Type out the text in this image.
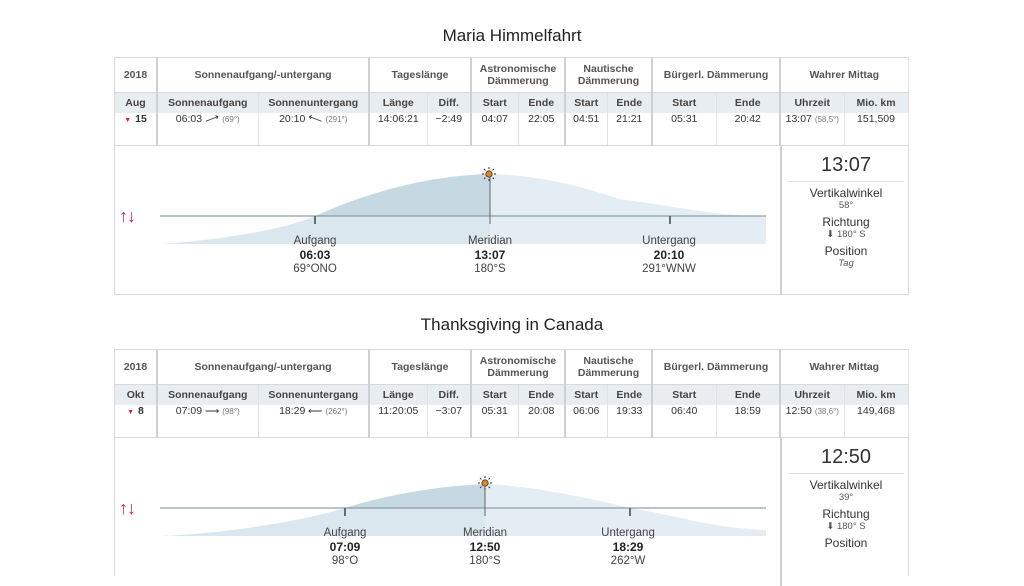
Maria Himmelfahrt
2018	Sonnenaufgang/-untergang		Tageslänge		Astronomische Dämmerung		Nautische Dämmerung		Bürgerl. Dämmerung		Wahrer Mittag	
Aug	Sonnenaufgang	Sonnenuntergang	Länge	Diff.	Start	Ende	Start	Ende	Start	Ende	Uhrzeit	Mio. km
▼ 15	06:03 ⟶ (69°)	20:10 ⟶ (291°)	14:06:21	−2:49	04:07	22:05	04:51	21:21	05:31	20:42	13:07 (58,5°)	151,509
↑↓
Aufgang
06:03
69°ONO
Meridian
13:07
180°S
Untergang
20:10
291°WNW
13:07
Vertikalwinkel
58°
Richtung
⬇ 180° S
Position
Tag
Thanksgiving in Canada
2018	Sonnenaufgang/-untergang		Tageslänge		Astronomische Dämmerung		Nautische Dämmerung		Bürgerl. Dämmerung		Wahrer Mittag	
Okt	Sonnenaufgang	Sonnenuntergang	Länge	Diff.	Start	Ende	Start	Ende	Start	Ende	Uhrzeit	Mio. km
▼ 8	07:09 ⟶ (98°)	18:29 ⟶ (262°)	11:20:05	−3:07	05:31	20:08	06:06	19:33	06:40	18:59	12:50 (38,6°)	149,468
↑↓
Aufgang
07:09
98°O
Meridian
12:50
180°S
Untergang
18:29
262°W
12:50
Vertikalwinkel
39°
Richtung
⬇ 180° S
Position
